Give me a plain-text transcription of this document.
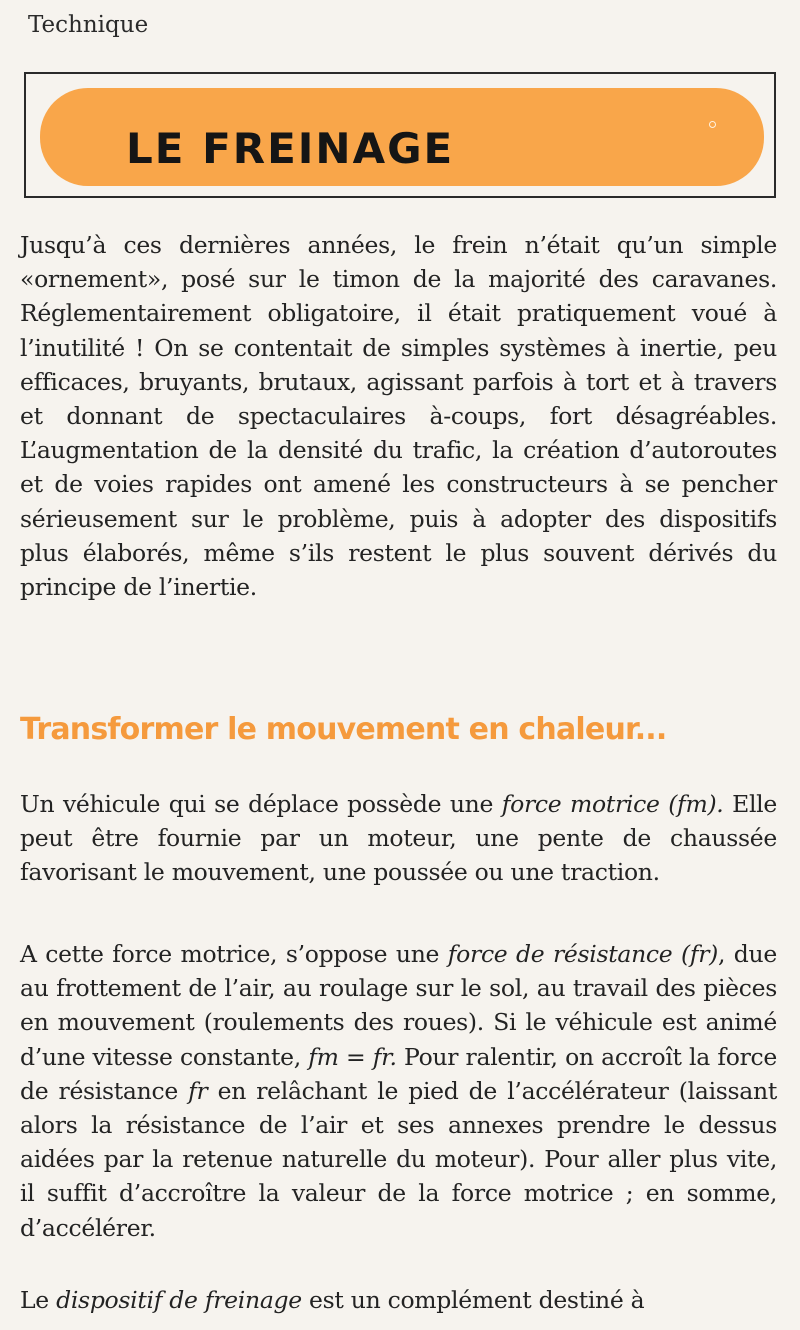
Technique
LE FREINAGE

Jusqu’à ces dernières années, le frein n’était qu’un simple «ornement», posé sur le timon de la majorité des caravanes. Réglementairement obligatoire, il était pratiquement voué à l’inutilité ! On se contentait de simples systèmes à inertie, peu efficaces, bruyants, brutaux, agissant parfois à tort et à travers et donnant de spectaculaires à-coups, fort désagréables. L’augmentation de la densité du trafic, la création d’autoroutes et de voies rapides ont amené les constructeurs à se pencher sérieusement sur le problème, puis à adopter des dispositifs plus élaborés, même s’ils restent le plus souvent dérivés du principe de l’inertie.

Transformer le mouvement en chaleur...

Un véhicule qui se déplace possède une force motrice (fm). Elle peut être fournie par un moteur, une pente de chaussée favorisant le mouvement, une poussée ou une traction.

A cette force motrice, s’oppose une force de résistance (fr), due au frottement de l’air, au roulage sur le sol, au travail des pièces en mouvement (roulements des roues). Si le véhicule est animé d’une vitesse constante, fm = fr. Pour ralentir, on accroît la force de résistance fr en relâchant le pied de l’accélérateur (laissant alors la résistance de l’air et ses annexes prendre le dessus aidées par la retenue naturelle du moteur). Pour aller plus vite, il suffit d’accroître la valeur de la force motrice ; en somme, d’accélérer.

Le dispositif de freinage est un complément destiné à
